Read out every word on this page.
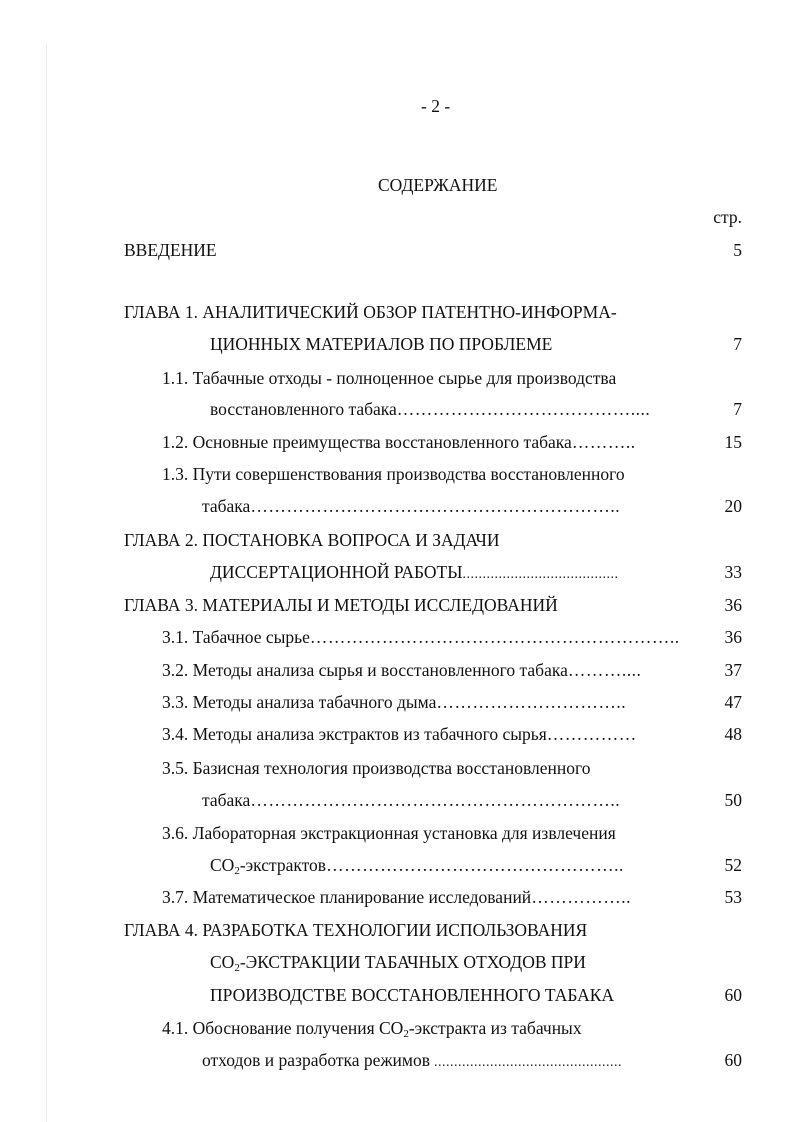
- 2 -
СОДЕРЖАНИЕ
стр.
ВВЕДЕНИЕ	5
ГЛАВА 1. АНАЛИТИЧЕСКИЙ ОБЗОР ПАТЕНТНО-ИНФОРМА-
ЦИОННЫХ МАТЕРИАЛОВ ПО ПРОБЛЕМЕ	7
1.1. Табачные отходы - полноценное сырье для производства
восстановленного табака…………………………………....	7
1.2. Основные преимущества восстановленного табака………..	15
1.3. Пути совершенствования производства восстановленного
табака……………………………………………………..	20
ГЛАВА 2. ПОСТАНОВКА ВОПРОСА И ЗАДАЧИ
ДИССЕРТАЦИОННОЙ РАБОТЫ.......................................	33
ГЛАВА 3. МАТЕРИАЛЫ И МЕТОДЫ ИССЛЕДОВАНИЙ	36
3.1. Табачное сырье……………………………………………………..	36
3.2. Методы анализа сырья и восстановленного табака………....	37
3.3. Методы анализа табачного дыма…………………………..	47
3.4. Методы анализа экстрактов из табачного сырья……………	48
3.5. Базисная технология производства восстановленного
табака……………………………………………………..	50
3.6. Лабораторная экстракционная установка для извлечения
$CO_2-экстрактов\dots\dots\dots\dots\dots\dots\dots\dots\dots\dots\dots\dots\dots\dots\dots\dots$..	52
3.7. Математическое планирование исследований……………..	53
ГЛАВА 4. РАЗРАБОТКА ТЕХНОЛОГИИ ИСПОЛЬЗОВАНИЯ
$CO_2$-ЭКСТРАКЦИИ ТАБАЧНЫХ ОТХОДОВ ПРИ
ПРОИЗВОДСТВЕ ВОССТАНОВЛЕННОГО ТАБАКА	60
4.1. Обоснование получения $CO_2$-экстракта из табачных
отходов и разработка режимов ...............................................	60
